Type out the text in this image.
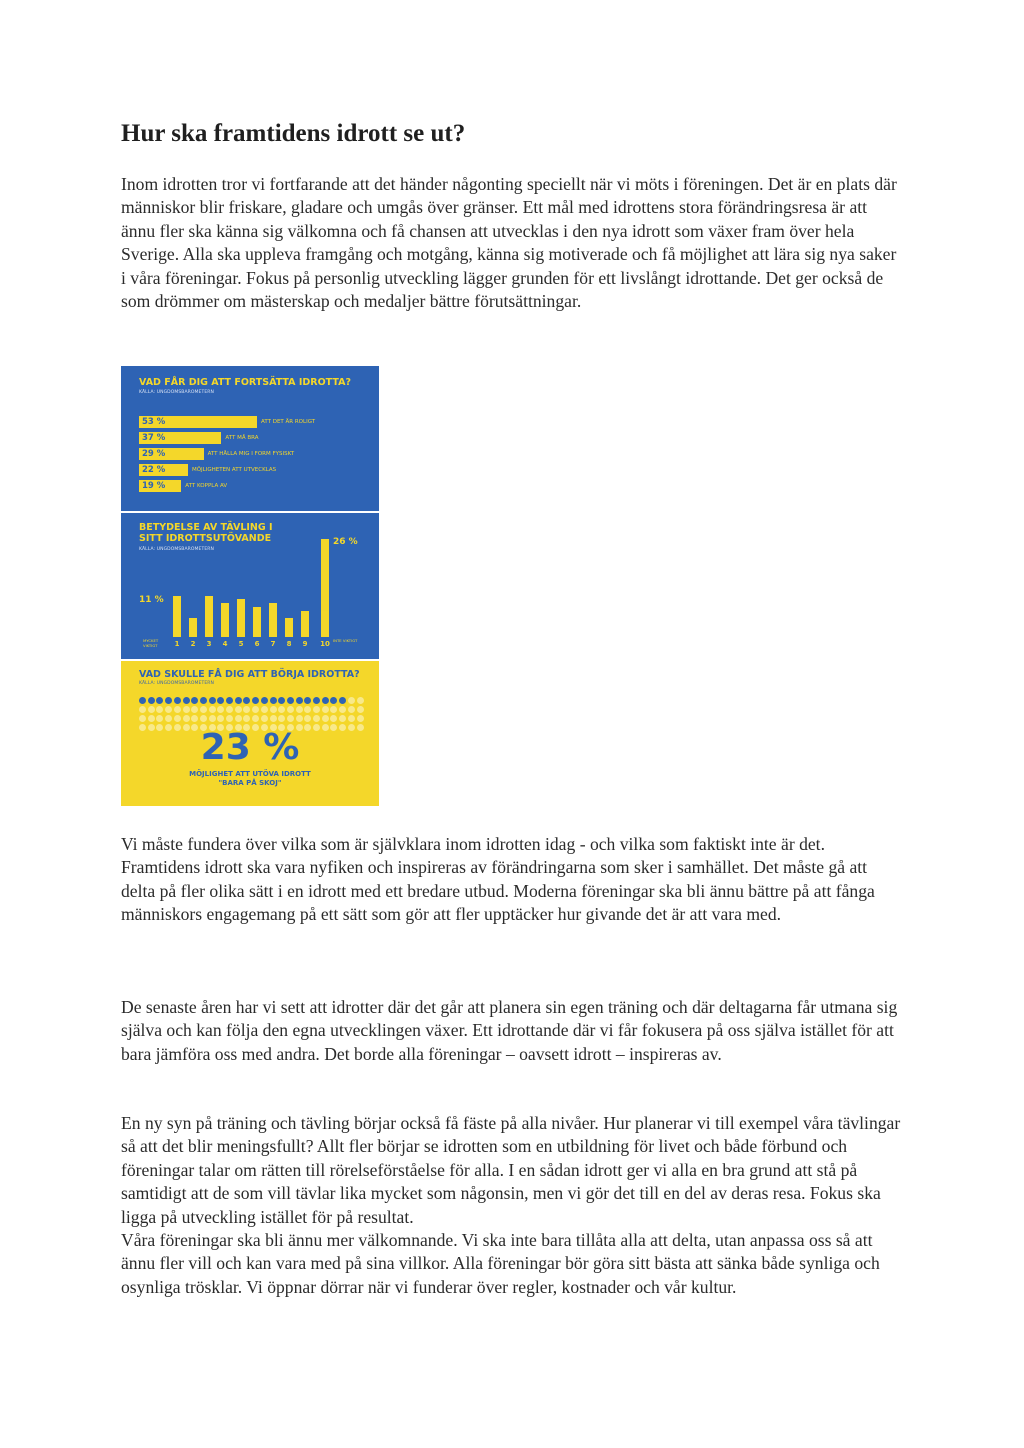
Hur ska framtidens idrott se ut?

Inom idrotten tror vi fortfarande att det händer någonting speciellt när vi möts i föreningen. Det är en plats där människor blir friskare, gladare och umgås över gränser. Ett mål med idrottens stora förändringsresa är att ännu fler ska känna sig välkomna och få chansen att utvecklas i den nya idrott som växer fram över hela Sverige. Alla ska uppleva framgång och motgång, känna sig motiverade och få möjlighet att lära sig nya saker i våra föreningar. Fokus på personlig utveckling lägger grunden för ett livslångt idrottande. Det ger också de som drömmer om mästerskap och medaljer bättre förutsättningar.

VAD FÅR DIG ATT FORTSÄTTA IDROTTA?
KÄLLA: UNGDOMSBAROMETERN
53 %	ATT DET ÄR ROLIGT
37 %	ATT MÅ BRA
29 %	ATT HÅLLA MIG I FORM FYSISKT
22 %	MÖJLIGHETEN ATT UTVECKLAS
19 %	ATT KOPPLA AV
BETYDELSE AV TÄVLING I SITT IDROTTSUTÖVANDE
KÄLLA: UNGDOMSBAROMETERN
11 %
26 %
MYCKET VIKTIGT
INTE VIKTIGT
1	2	3	4	5	6	7	8	9	10
VAD SKULLE FÅ DIG ATT BÖRJA IDROTTA?
KÄLLA: UNGDOMSBAROMETERN
23 %
MÖJLIGHET ATT UTÖVA IDROTT
"BARA PÅ SKOJ"

Vi måste fundera över vilka som är självklara inom idrotten idag - och vilka som faktiskt inte är det.
Framtidens idrott ska vara nyfiken och inspireras av förändringarna som sker i samhället. Det måste gå att delta på fler olika sätt i en idrott med ett bredare utbud. Moderna föreningar ska bli ännu bättre på att fånga människors engagemang på ett sätt som gör att fler upptäcker hur givande det är att vara med.

De senaste åren har vi sett att idrotter där det går att planera sin egen träning och där deltagarna får utmana sig själva och kan följa den egna utvecklingen växer. Ett idrottande där vi får fokusera på oss själva istället för att bara jämföra oss med andra. Det borde alla föreningar – oavsett idrott – inspireras av.

En ny syn på träning och tävling börjar också få fäste på alla nivåer. Hur planerar vi till exempel våra tävlingar så att det blir meningsfullt? Allt fler börjar se idrotten som en utbildning för livet och både förbund och föreningar talar om rätten till rörelseförståelse för alla. I en sådan idrott ger vi alla en bra grund att stå på samtidigt att de som vill tävlar lika mycket som någonsin, men vi gör det till en del av deras resa. Fokus ska ligga på utveckling istället för på resultat.
Våra föreningar ska bli ännu mer välkomnande. Vi ska inte bara tillåta alla att delta, utan anpassa oss så att ännu fler vill och kan vara med på sina villkor. Alla föreningar bör göra sitt bästa att sänka både synliga och osynliga trösklar. Vi öppnar dörrar när vi funderar över regler, kostnader och vår kultur.
